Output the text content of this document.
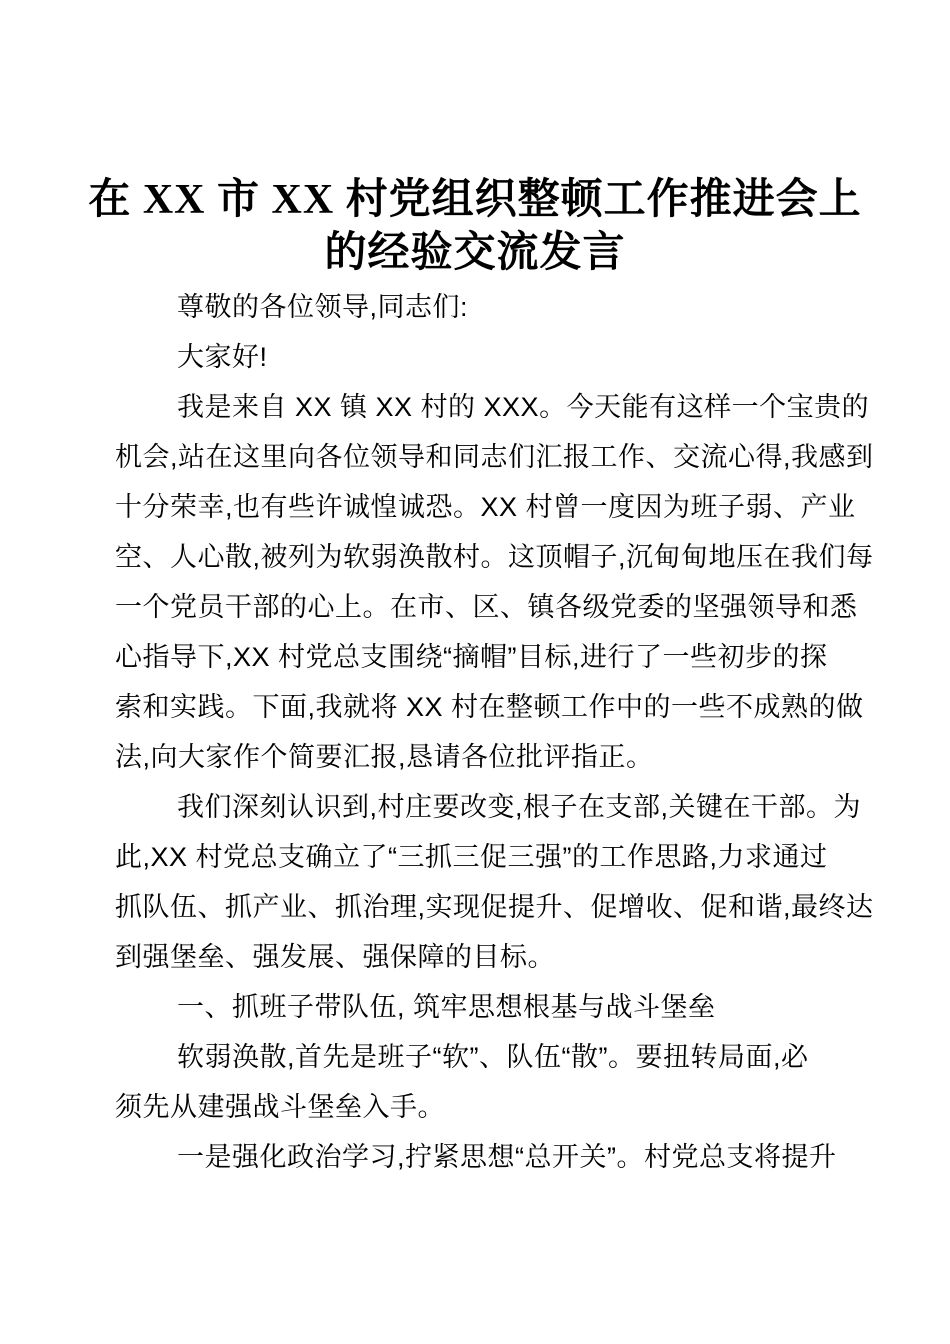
在 XX 市 XX 村党组织整顿工作推进会上
的经验交流发言
尊敬的各位领导,同志们:
大家好!
我是来自 XX 镇 XX 村的 XXX。今天能有这样一个宝贵的
机会,站在这里向各位领导和同志们汇报工作、交流心得,我感到
十分荣幸,也有些许诚惶诚恐。XX 村曾一度因为班子弱、产业
空、人心散,被列为软弱涣散村。这顶帽子,沉甸甸地压在我们每
一个党员干部的心上。在市、区、镇各级党委的坚强领导和悉
心指导下,XX 村党总支围绕“摘帽”目标,进行了一些初步的探
索和实践。下面,我就将 XX 村在整顿工作中的一些不成熟的做
法,向大家作个简要汇报,恳请各位批评指正。
我们深刻认识到,村庄要改变,根子在支部,关键在干部。为
此,XX 村党总支确立了“三抓三促三强”的工作思路,力求通过
抓队伍、抓产业、抓治理,实现促提升、促增收、促和谐,最终达
到强堡垒、强发展、强保障的目标。
一、抓班子带队伍, 筑牢思想根基与战斗堡垒
软弱涣散,首先是班子“软”、队伍“散”。要扭转局面,必
须先从建强战斗堡垒入手。
一是强化政治学习,拧紧思想“总开关”。村党总支将提升
